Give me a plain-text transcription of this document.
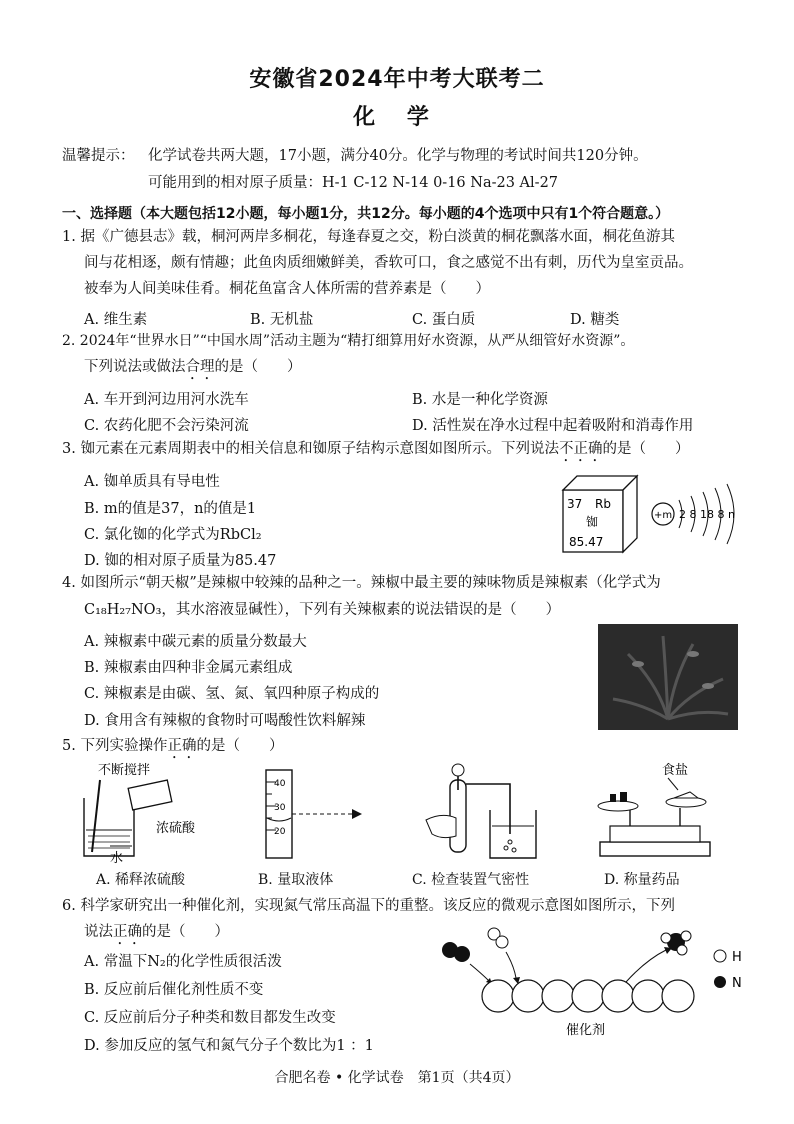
安徽省2024年中考大联考二
化 学
温馨提示： 化学试卷共两大题，17小题，满分40分。化学与物理的考试时间共120分钟。
可能用到的相对原子质量：H-1 C-12 N-14 0-16 Na-23 Al-27
一、选择题（本大题包括12小题，每小题1分，共12分。每小题的4个选项中只有1个符合题意。）
1. 据《广德县志》载，桐河两岸多桐花，每逢春夏之交，粉白淡黄的桐花飘落水面，桐花鱼游其
间与花相逐，颇有情趣；此鱼肉质细嫩鲜美，香软可口，食之感觉不出有刺，历代为皇室贡品。
被奉为人间美味佳肴。桐花鱼富含人体所需的营养素是（　　）
A. 维生素	B. 无机盐	C. 蛋白质	D. 糖类
2. 2024年“世界水日”“中国水周”活动主题为“精打细算用好水资源，从严从细管好水资源”。
下列说法或做法合理的是（　　）
A. 车开到河边用河水洗车	B. 水是一种化学资源
C. 农药化肥不会污染河流	D. 活性炭在净水过程中起着吸附和消毒作用
3. 铷元素在元素周期表中的相关信息和铷原子结构示意图如图所示。下列说法不正确的是（　　）
A. 铷单质具有导电性
B. m的值是37，n的值是1
C. 氯化铷的化学式为RbCl₂
D. 铷的相对原子质量为85.47
37 Rb
铷
85.47
+m 2 8 18 8 n
4. 如图所示“朝天椒”是辣椒中较辣的品种之一。辣椒中最主要的辣味物质是辣椒素（化学式为
C₁₈H₂₇NO₃，其水溶液显碱性），下列有关辣椒素的说法错误的是（　　）
A. 辣椒素中碳元素的质量分数最大
B. 辣椒素由四种非金属元素组成
C. 辣椒素是由碳、氢、氮、氧四种原子构成的
D. 食用含有辣椒的食物时可喝酸性饮料解辣
5. 下列实验操作正确的是（　　）
不断搅拌
浓硫酸
水
40
30
20
食盐
A. 稀释浓硫酸	B. 量取液体	C. 检查装置气密性	D. 称量药品
6. 科学家研究出一种催化剂，实现氮气常压高温下的重整。该反应的微观示意图如图所示，下列
说法正确的是（　　）
A. 常温下N₂的化学性质很活泼
B. 反应前后催化剂性质不变
C. 反应前后分子种类和数目都发生改变
D. 参加反应的氢气和氮气分子个数比为1 ：1
H
N
催化剂
合肥名卷 • 化学试卷　第1页（共4页）
